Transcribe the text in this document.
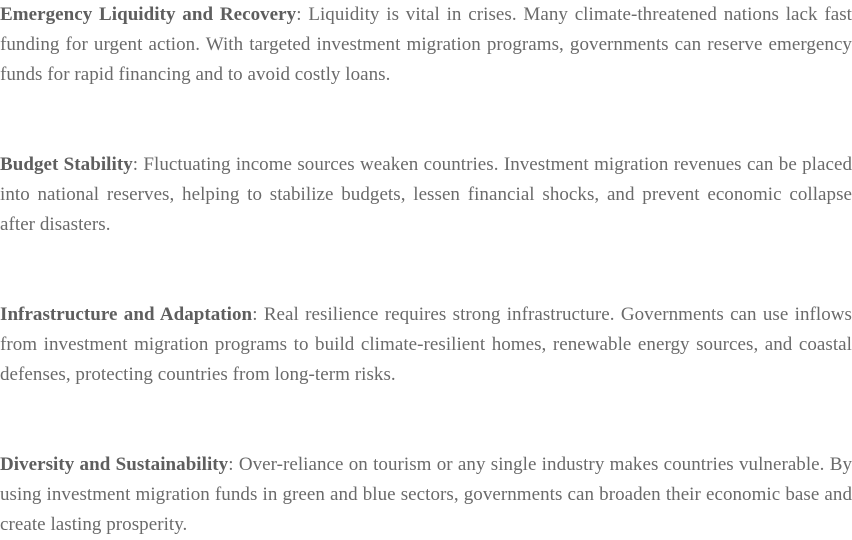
Emergency Liquidity and Recovery: Liquidity is vital in crises. Many climate-threatened nations lack fast funding for urgent action. With targeted investment migration programs, governments can reserve emergency funds for rapid financing and to avoid costly loans.

Budget Stability: Fluctuating income sources weaken countries. Investment migration revenues can be placed into national reserves, helping to stabilize budgets, lessen financial shocks, and prevent economic collapse after disasters.

Infrastructure and Adaptation: Real resilience requires strong infrastructure. Governments can use inflows from investment migration programs to build climate-resilient homes, renewable energy sources, and coastal defenses, protecting countries from long-term risks.

Diversity and Sustainability: Over-reliance on tourism or any single industry makes countries vulnerable. By using investment migration funds in green and blue sectors, governments can broaden their economic base and create lasting prosperity.
